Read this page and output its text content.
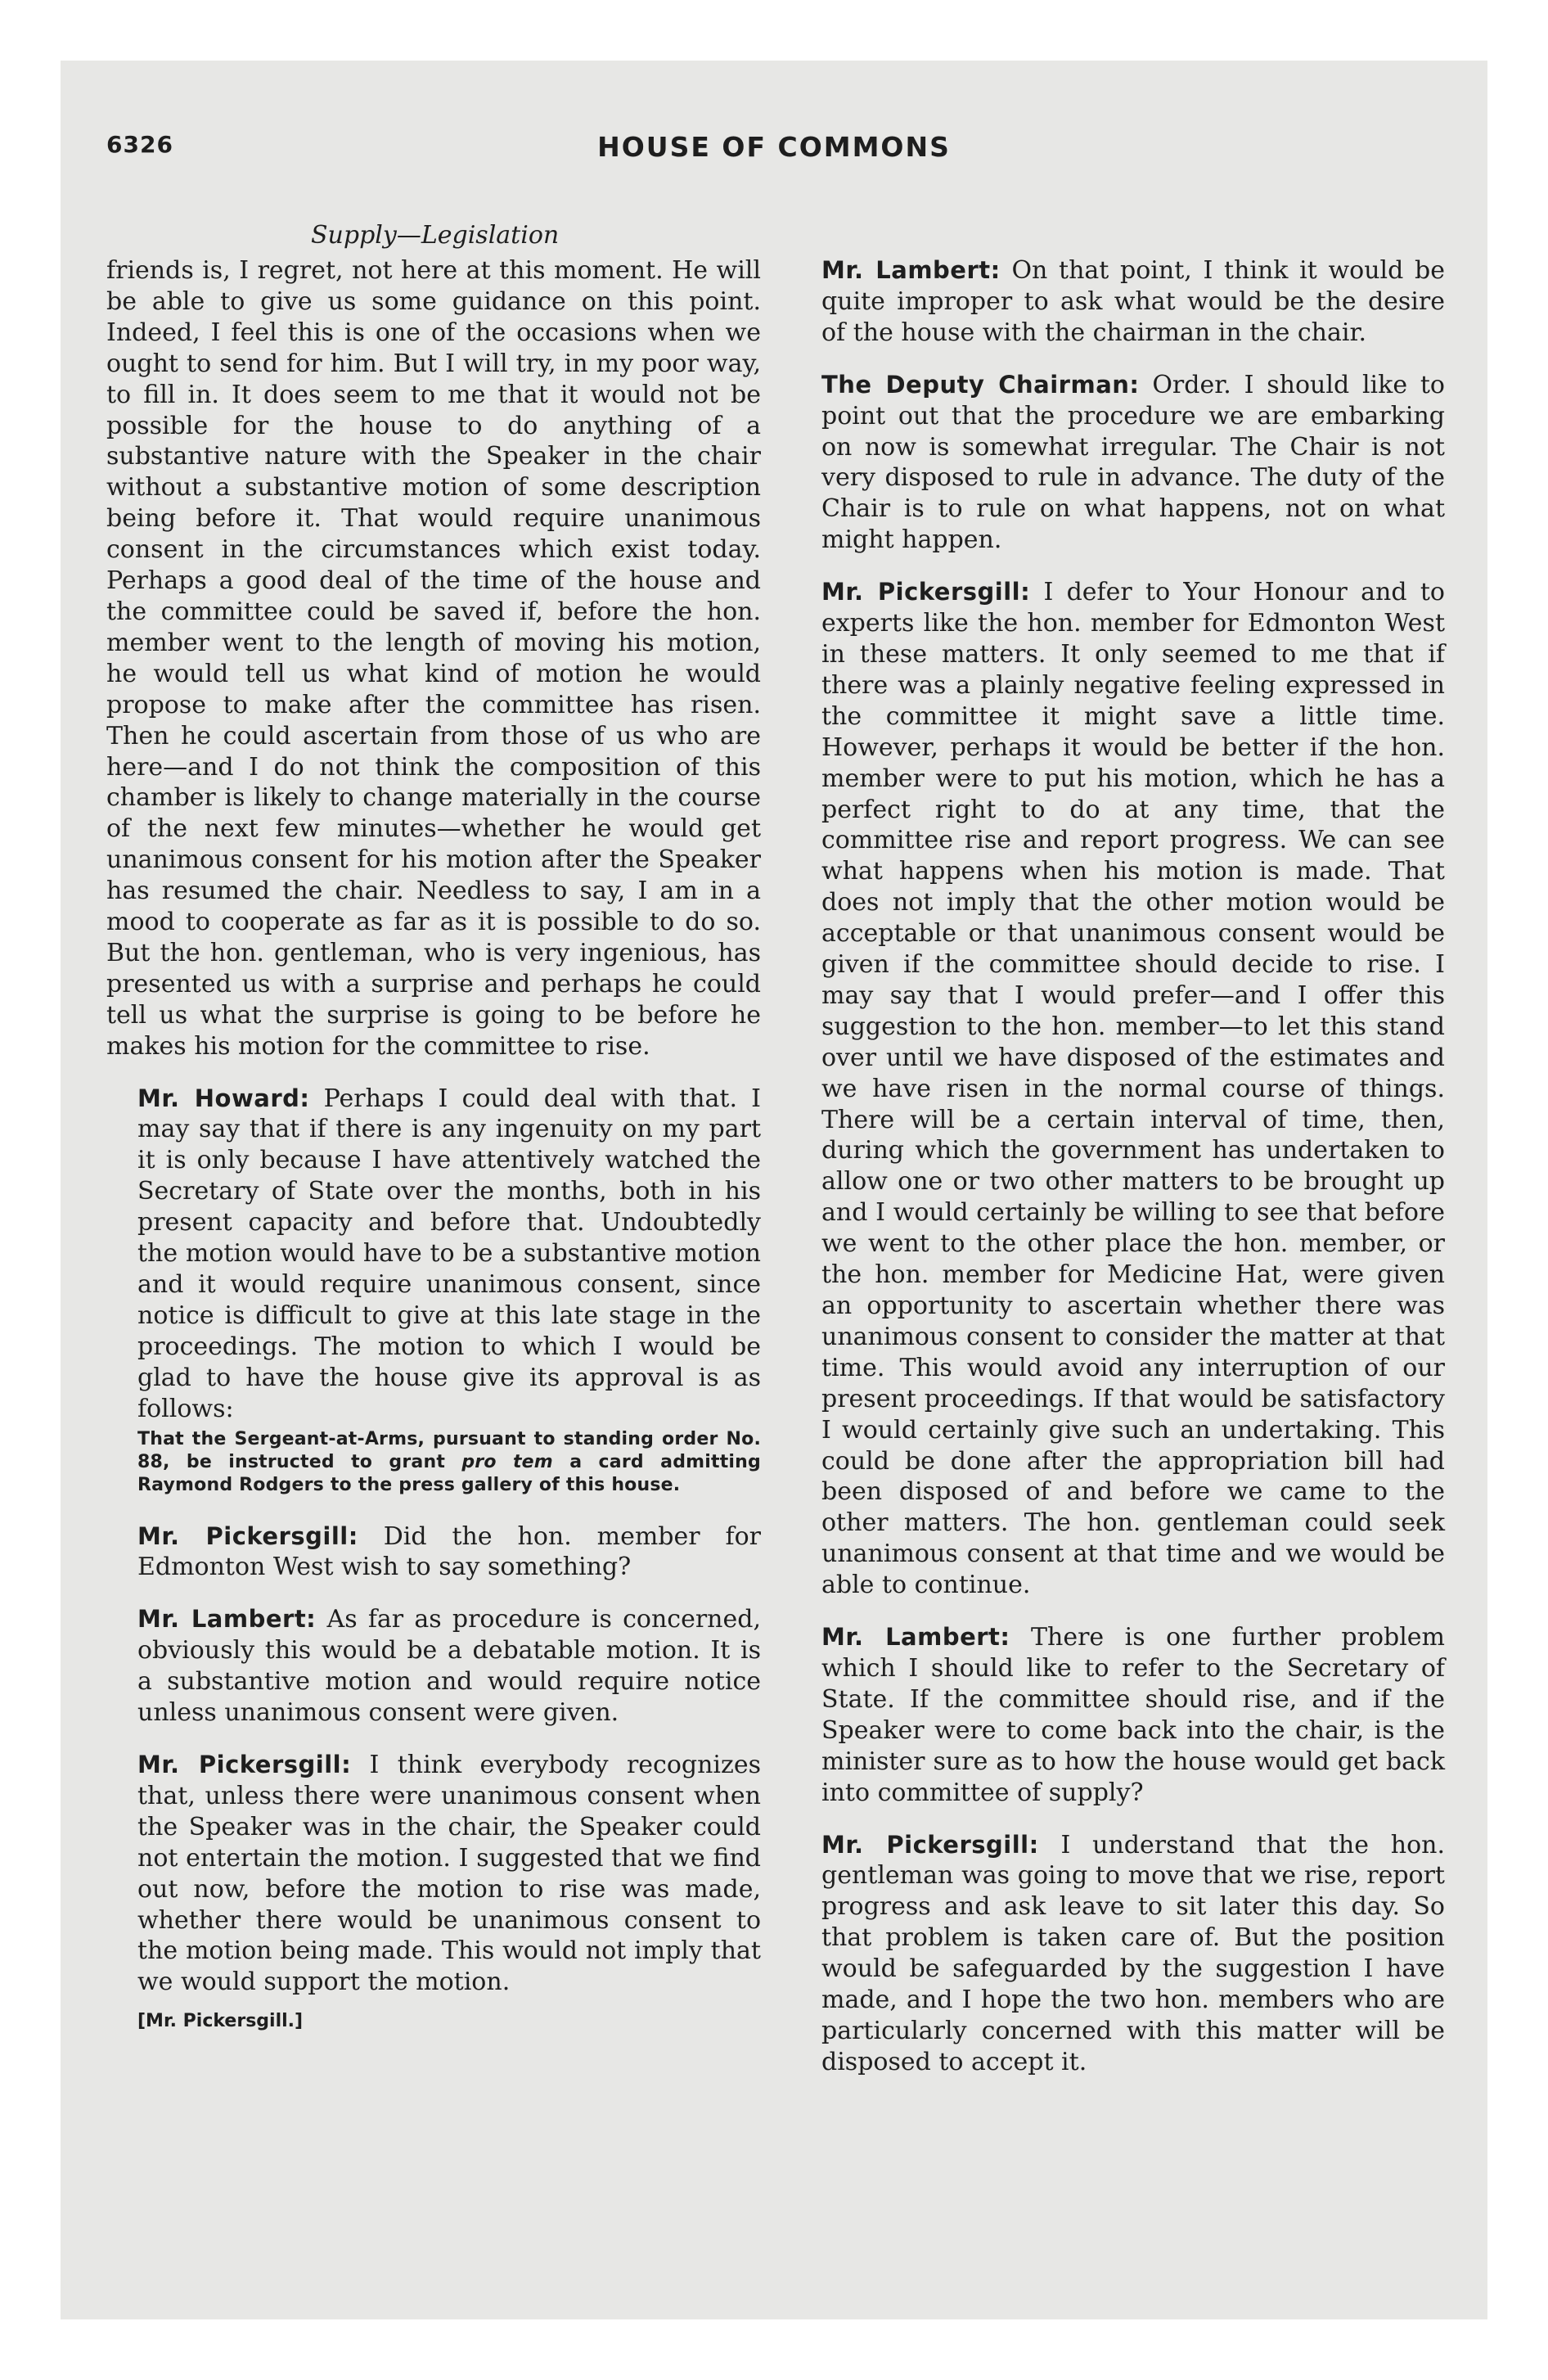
6326	HOUSE OF COMMONS
Supply—Legislation

friends is, I regret, not here at this moment. He will be able to give us some guidance on this point. Indeed, I feel this is one of the occasions when we ought to send for him. But I will try, in my poor way, to fill in. It does seem to me that it would not be possible for the house to do anything of a substantive nature with the Speaker in the chair without a substantive motion of some description being before it. That would require unanimous consent in the circumstances which exist today. Perhaps a good deal of the time of the house and the committee could be saved if, before the hon. member went to the length of moving his motion, he would tell us what kind of motion he would propose to make after the committee has risen. Then he could ascertain from those of us who are here—and I do not think the composition of this chamber is likely to change materially in the course of the next few minutes—whether he would get unanimous consent for his motion after the Speaker has resumed the chair. Needless to say, I am in a mood to cooperate as far as it is possible to do so. But the hon. gentleman, who is very ingenious, has presented us with a surprise and perhaps he could tell us what the surprise is going to be before he makes his motion for the committee to rise.

Mr. Howard: Perhaps I could deal with that. I may say that if there is any ingenuity on my part it is only because I have attentively watched the Secretary of State over the months, both in his present capacity and before that. Undoubtedly the motion would have to be a substantive motion and it would require unanimous consent, since notice is difficult to give at this late stage in the proceedings. The motion to which I would be glad to have the house give its approval is as follows:

That the Sergeant-at-Arms, pursuant to standing order No. 88, be instructed to grant pro tem a card admitting Raymond Rodgers to the press gallery of this house.

Mr. Pickersgill: Did the hon. member for Edmonton West wish to say something?

Mr. Lambert: As far as procedure is concerned, obviously this would be a debatable motion. It is a substantive motion and would require notice unless unanimous consent were given.

Mr. Pickersgill: I think everybody recognizes that, unless there were unanimous consent when the Speaker was in the chair, the Speaker could not entertain the motion. I suggested that we find out now, before the motion to rise was made, whether there would be unanimous consent to the motion being made. This would not imply that we would support the motion.

[Mr. Pickersgill.]

Mr. Lambert: On that point, I think it would be quite improper to ask what would be the desire of the house with the chairman in the chair.

The Deputy Chairman: Order. I should like to point out that the procedure we are embarking on now is somewhat irregular. The Chair is not very disposed to rule in advance. The duty of the Chair is to rule on what happens, not on what might happen.

Mr. Pickersgill: I defer to Your Honour and to experts like the hon. member for Edmonton West in these matters. It only seemed to me that if there was a plainly negative feeling expressed in the committee it might save a little time. However, perhaps it would be better if the hon. member were to put his motion, which he has a perfect right to do at any time, that the committee rise and report progress. We can see what happens when his motion is made. That does not imply that the other motion would be acceptable or that unanimous consent would be given if the committee should decide to rise. I may say that I would prefer—and I offer this suggestion to the hon. member—to let this stand over until we have disposed of the estimates and we have risen in the normal course of things. There will be a certain interval of time, then, during which the government has undertaken to allow one or two other matters to be brought up and I would certainly be willing to see that before we went to the other place the hon. member, or the hon. member for Medicine Hat, were given an opportunity to ascertain whether there was unanimous consent to consider the matter at that time. This would avoid any interruption of our present proceedings. If that would be satisfactory I would certainly give such an undertaking. This could be done after the appropriation bill had been disposed of and before we came to the other matters. The hon. gentleman could seek unanimous consent at that time and we would be able to continue.

Mr. Lambert: There is one further problem which I should like to refer to the Secretary of State. If the committee should rise, and if the Speaker were to come back into the chair, is the minister sure as to how the house would get back into committee of supply?

Mr. Pickersgill: I understand that the hon. gentleman was going to move that we rise, report progress and ask leave to sit later this day. So that problem is taken care of. But the position would be safeguarded by the suggestion I have made, and I hope the two hon. members who are particularly concerned with this matter will be disposed to accept it.
